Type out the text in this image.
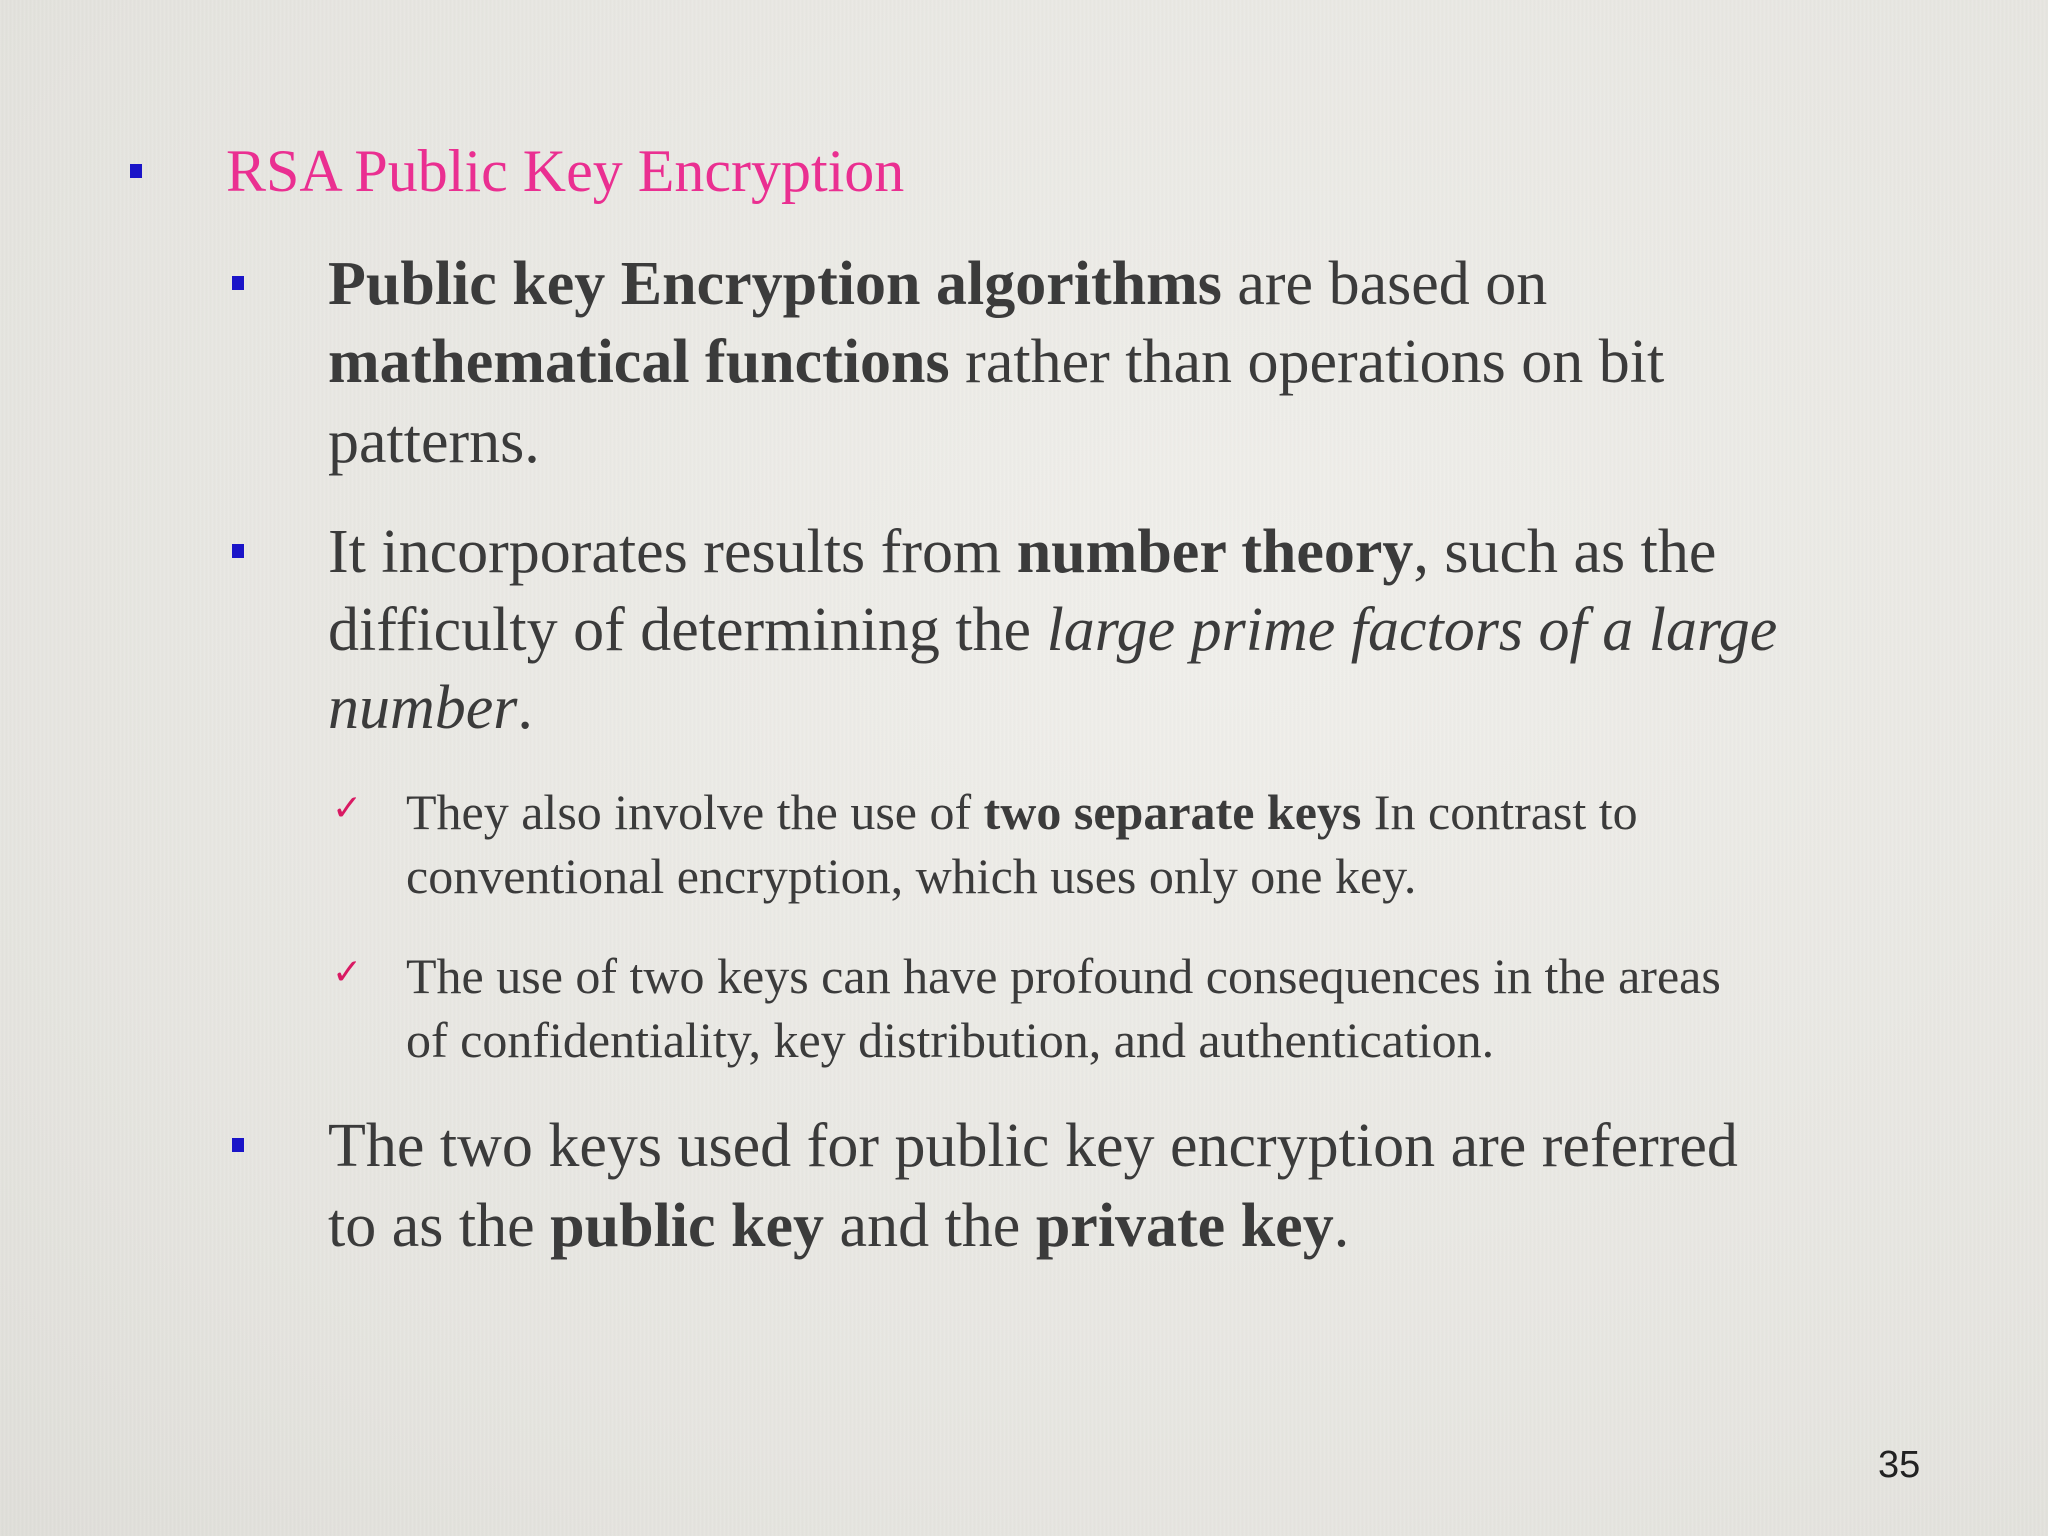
RSA Public Key Encryption
Public key Encryption algorithms are based on
mathematical functions rather than operations on bit
patterns.
It incorporates results from number theory, such as the
difficulty of determining the large prime factors of a large
number.
✓ They also involve the use of two separate keys In contrast to
conventional encryption, which uses only one key.
✓ The use of two keys can have profound consequences in the areas
of confidentiality, key distribution, and authentication.
The two keys used for public key encryption are referred
to as the public key and the private key.
35
